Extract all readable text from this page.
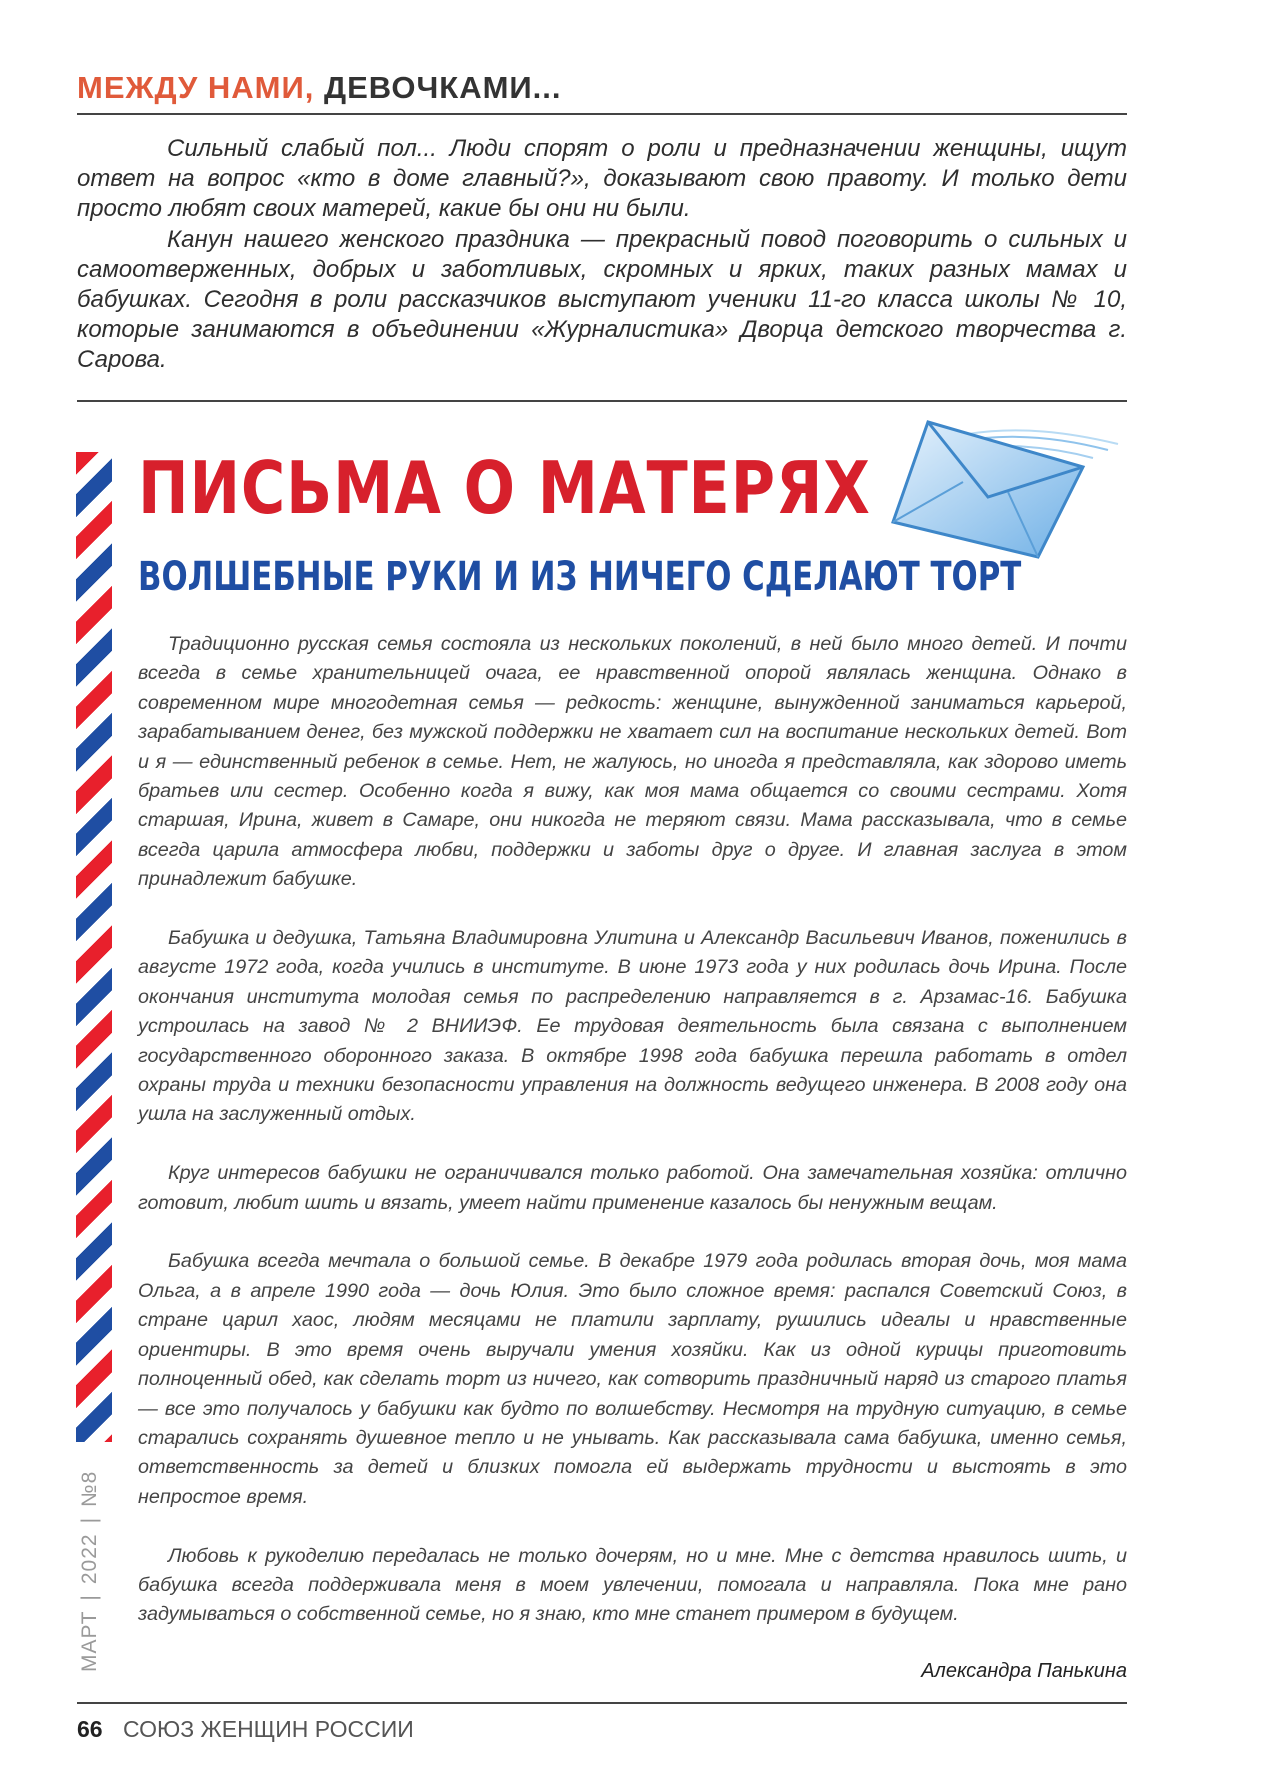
МЕЖДУ НАМИ, ДЕВОЧКАМИ...

Сильный слабый пол... Люди спорят о роли и предназначении женщины, ищут ответ на вопрос «кто в доме главный?», доказывают свою правоту. И только дети просто любят своих матерей, какие бы они ни были.

Канун нашего женского праздника — прекрасный повод поговорить о сильных и самоотверженных, добрых и заботливых, скромных и ярких, таких разных мамах и бабушках. Сегодня в роли рассказчиков выступают ученики 11-го класса школы № 10, которые занимаются в объединении «Журналистика» Дворца детского творчества г. Сарова.

ПИСЬМА О МАТЕРЯХ
ВОЛШЕБНЫЕ РУКИ И ИЗ НИЧЕГО СДЕЛАЮТ ТОРТ

Традиционно русская семья состояла из нескольких поколений, в ней было много детей. И почти всегда в семье хранительницей очага, ее нравственной опорой являлась женщина. Однако в современном мире многодетная семья — редкость: женщине, вынужденной заниматься карьерой, зарабатыванием денег, без мужской поддержки не хватает сил на воспитание нескольких детей. Вот и я — единственный ребенок в семье. Нет, не жалуюсь, но иногда я представляла, как здорово иметь братьев или сестер. Особенно когда я вижу, как моя мама общается со своими сестрами. Хотя старшая, Ирина, живет в Самаре, они никогда не теряют связи. Мама рассказывала, что в семье всегда царила атмосфера любви, поддержки и заботы друг о друге. И главная заслуга в этом принадлежит бабушке.

Бабушка и дедушка, Татьяна Владимировна Улитина и Александр Васильевич Иванов, поженились в августе 1972 года, когда учились в институте. В июне 1973 года у них родилась дочь Ирина. После окончания института молодая семья по распределению направляется в г. Арзамас-16. Бабушка устроилась на завод № 2 ВНИИЭФ. Ее трудовая деятельность была связана с выполнением государственного оборонного заказа. В октябре 1998 года бабушка перешла работать в отдел охраны труда и техники безопасности управления на должность ведущего инженера. В 2008 году она ушла на заслуженный отдых.

Круг интересов бабушки не ограничивался только работой. Она замечательная хозяйка: отлично готовит, любит шить и вязать, умеет найти применение казалось бы ненужным вещам.

Бабушка всегда мечтала о большой семье. В декабре 1979 года родилась вторая дочь, моя мама Ольга, а в апреле 1990 года — дочь Юлия. Это было сложное время: распался Советский Союз, в стране царил хаос, людям месяцами не платили зарплату, рушились идеалы и нравственные ориентиры. В это время очень выручали умения хозяйки. Как из одной курицы приготовить полноценный обед, как сделать торт из ничего, как сотворить праздничный наряд из старого платья — все это получалось у бабушки как будто по волшебству. Несмотря на трудную ситуацию, в семье старались сохранять душевное тепло и не унывать. Как рассказывала сама бабушка, именно семья, ответственность за детей и близких помогла ей выдержать трудности и выстоять в это непростое время.

Любовь к рукоделию передалась не только дочерям, но и мне. Мне с детства нравилось шить, и бабушка всегда поддерживала меня в моем увлечении, помогала и направляла. Пока мне рано задумываться о собственной семье, но я знаю, кто мне станет примером в будущем.

Александра Панькина
МАРТ|2022|№8
66 СОЮЗ ЖЕНЩИН РОССИИ
